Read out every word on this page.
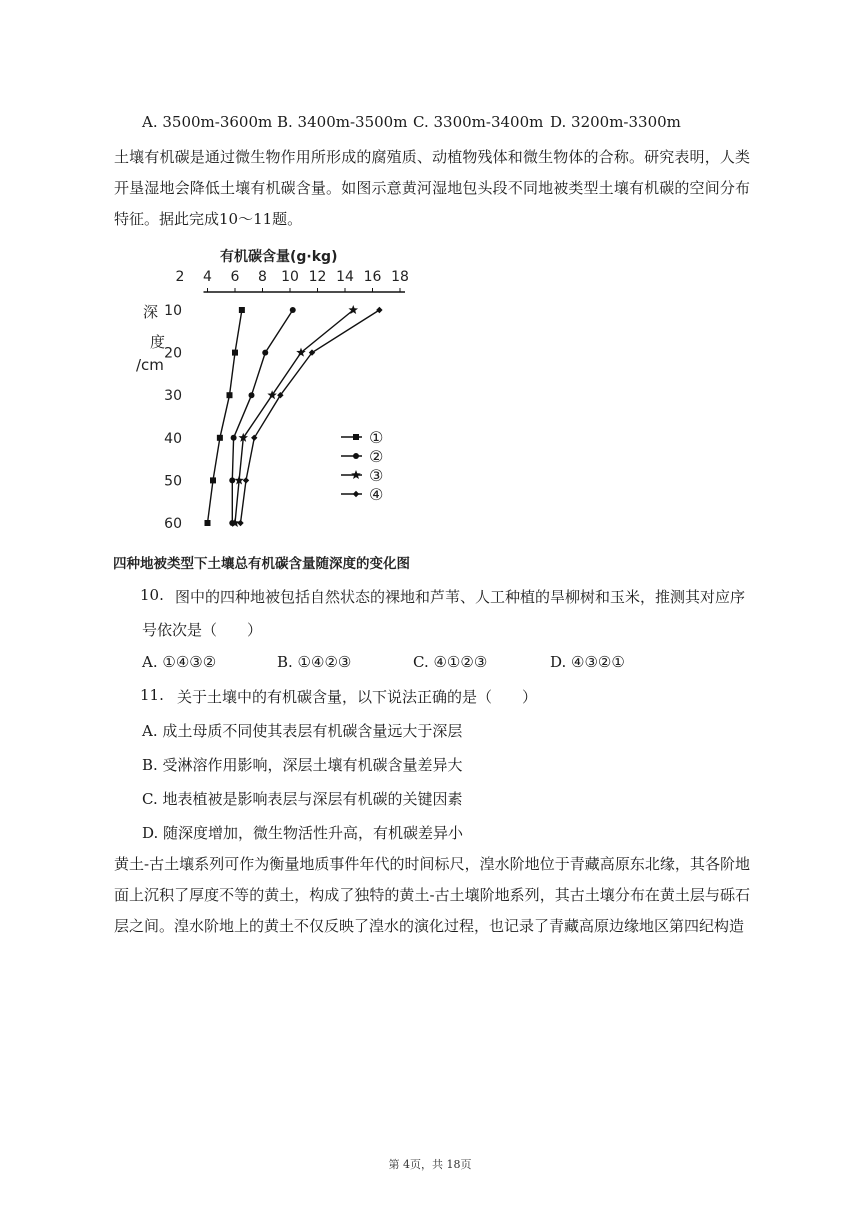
A. 3500m-3600m B. 3400m-3500m C. 3300m-3400m D. 3200m-3300m
土壤有机碳是通过微生物作用所形成的腐殖质、动植物残体和微生物体的合称。研究表明，人类开垦湿地会降低土壤有机碳含量。如图示意黄河湿地包头段不同地被类型土壤有机碳的空间分布特征。据此完成10～11题。
有机碳含量(g·kg)
2 4 6 8 10 12 14 16 18
深
度
/cm
10
20
30
40
50
60
①
②
③
④
四种地被类型下土壤总有机碳含量随深度的变化图
10. 图中的四种地被包括自然状态的裸地和芦苇、人工种植的旱柳树和玉米，推测其对应序
号依次是（　　）
A. ①④③②	B. ①④②③	C. ④①②③	D. ④③②①
11. 关于土壤中的有机碳含量，以下说法正确的是（　　）
A. 成土母质不同使其表层有机碳含量远大于深层
B. 受淋溶作用影响，深层土壤有机碳含量差异大
C. 地表植被是影响表层与深层有机碳的关键因素
D. 随深度增加，微生物活性升高，有机碳差异小
黄土-古土壤系列可作为衡量地质事件年代的时间标尺，湟水阶地位于青藏高原东北缘，其各阶地面上沉积了厚度不等的黄土，构成了独特的黄土-古土壤阶地系列，其古土壤分布在黄土层与砾石层之间。湟水阶地上的黄土不仅反映了湟水的演化过程，也记录了青藏高原边缘地区第四纪构造
第 4页，共 18页
